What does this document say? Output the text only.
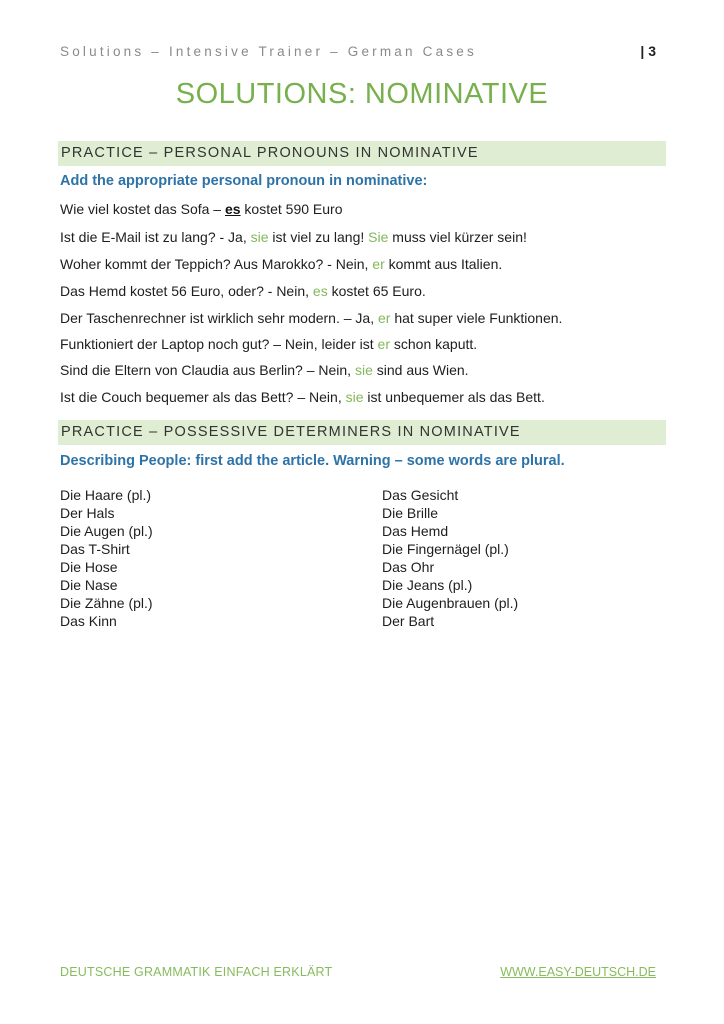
Solutions – Intensive Trainer – German Cases	| 3
SOLUTIONS: NOMINATIVE
PRACTICE – PERSONAL PRONOUNS IN NOMINATIVE
Add the appropriate personal pronoun in nominative:
Wie viel kostet das Sofa – es kostet 590 Euro
Ist die E-Mail ist zu lang? - Ja, sie ist viel zu lang! Sie muss viel kürzer sein!
Woher kommt der Teppich? Aus Marokko? - Nein, er kommt aus Italien.
Das Hemd kostet 56 Euro, oder? - Nein, es kostet 65 Euro.
Der Taschenrechner ist wirklich sehr modern. – Ja, er hat super viele Funktionen.
Funktioniert der Laptop noch gut? – Nein, leider ist er schon kaputt.
Sind die Eltern von Claudia aus Berlin? – Nein, sie sind aus Wien.
Ist die Couch bequemer als das Bett? – Nein, sie ist unbequemer als das Bett.
PRACTICE – POSSESSIVE DETERMINERS IN NOMINATIVE
Describing People: first add the article. Warning – some words are plural.
Die Haare (pl.)
Der Hals
Die Augen (pl.)
Das T-Shirt
Die Hose
Die Nase
Die Zähne (pl.)
Das Kinn
Das Gesicht
Die Brille
Das Hemd
Die Fingernägel (pl.)
Das Ohr
Die Jeans (pl.)
Die Augenbrauen (pl.)
Der Bart
DEUTSCHE GRAMMATIK EINFACH ERKLÄRT	WWW.EASY-DEUTSCH.DE
